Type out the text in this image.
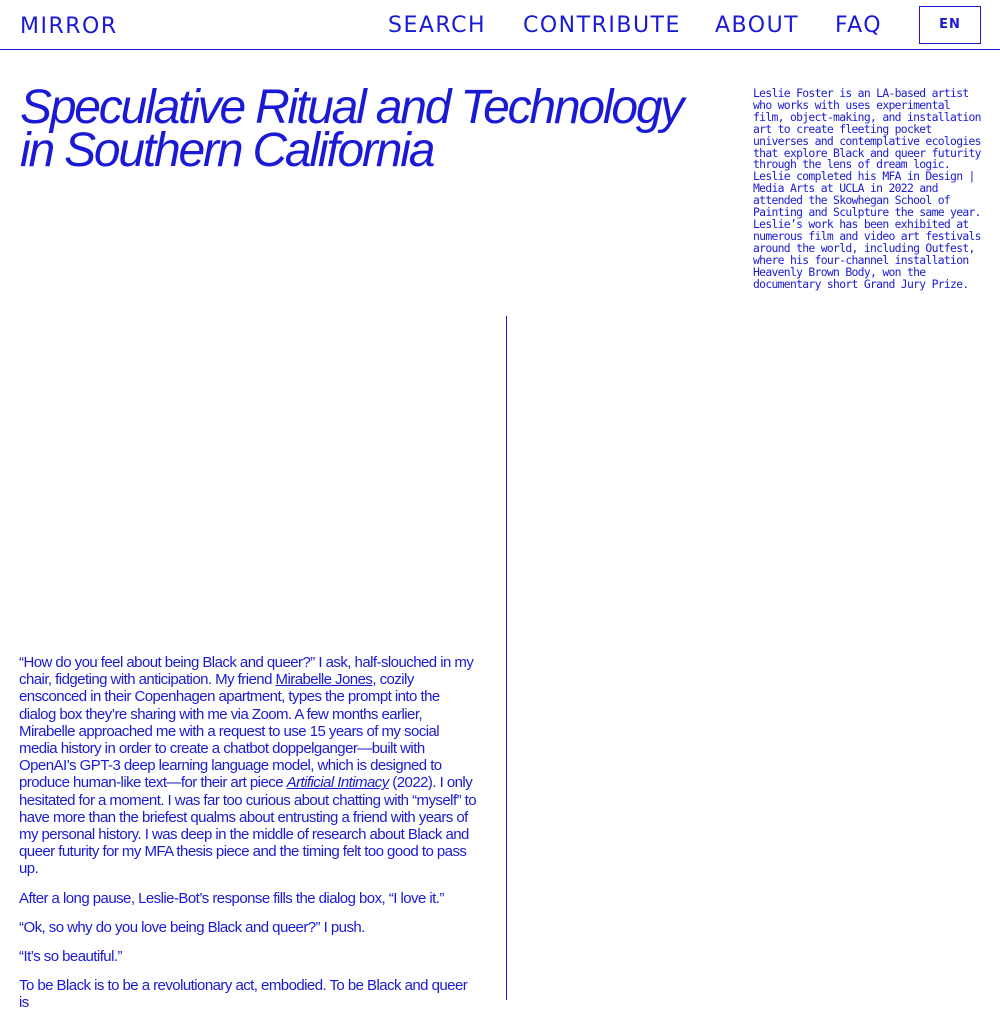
MIRROR	SEARCH CONTRIBUTE ABOUT FAQ	EN
Speculative Ritual and Technology
in Southern California

Leslie Foster is an LA-based artist who works with uses experimental film, object-making, and installation art to create fleeting pocket universes and contemplative ecologies that explore Black and queer futurity through the lens of dream logic. Leslie completed his MFA in Design | Media Arts at UCLA in 2022 and attended the Skowhegan School of Painting and Sculpture the same year. Leslie’s work has been exhibited at numerous film and video art festivals around the world, including Outfest, where his four-channel installation Heavenly Brown Body, won the documentary short Grand Jury Prize.

“How do you feel about being Black and queer?” I ask, half-slouched in my chair, fidgeting with anticipation. My friend Mirabelle Jones, cozily ensconced in their Copenhagen apartment, types the prompt into the dialog box they’re sharing with me via Zoom. A few months earlier, Mirabelle approached me with a request to use 15 years of my social media history in order to create a chatbot doppelganger—built with OpenAI’s GPT-3 deep learning language model, which is designed to produce human-like text—for their art piece Artificial Intimacy (2022). I only hesitated for a moment. I was far too curious about chatting with “myself” to have more than the briefest qualms about entrusting a friend with years of my personal history. I was deep in the middle of research about Black and queer futurity for my MFA thesis piece and the timing felt too good to pass up.

After a long pause, Leslie-Bot’s response fills the dialog box, “I love it.”

“Ok, so why do you love being Black and queer?” I push.

“It’s so beautiful.”

To be Black is to be a revolutionary act, embodied. To be Black and queer is
